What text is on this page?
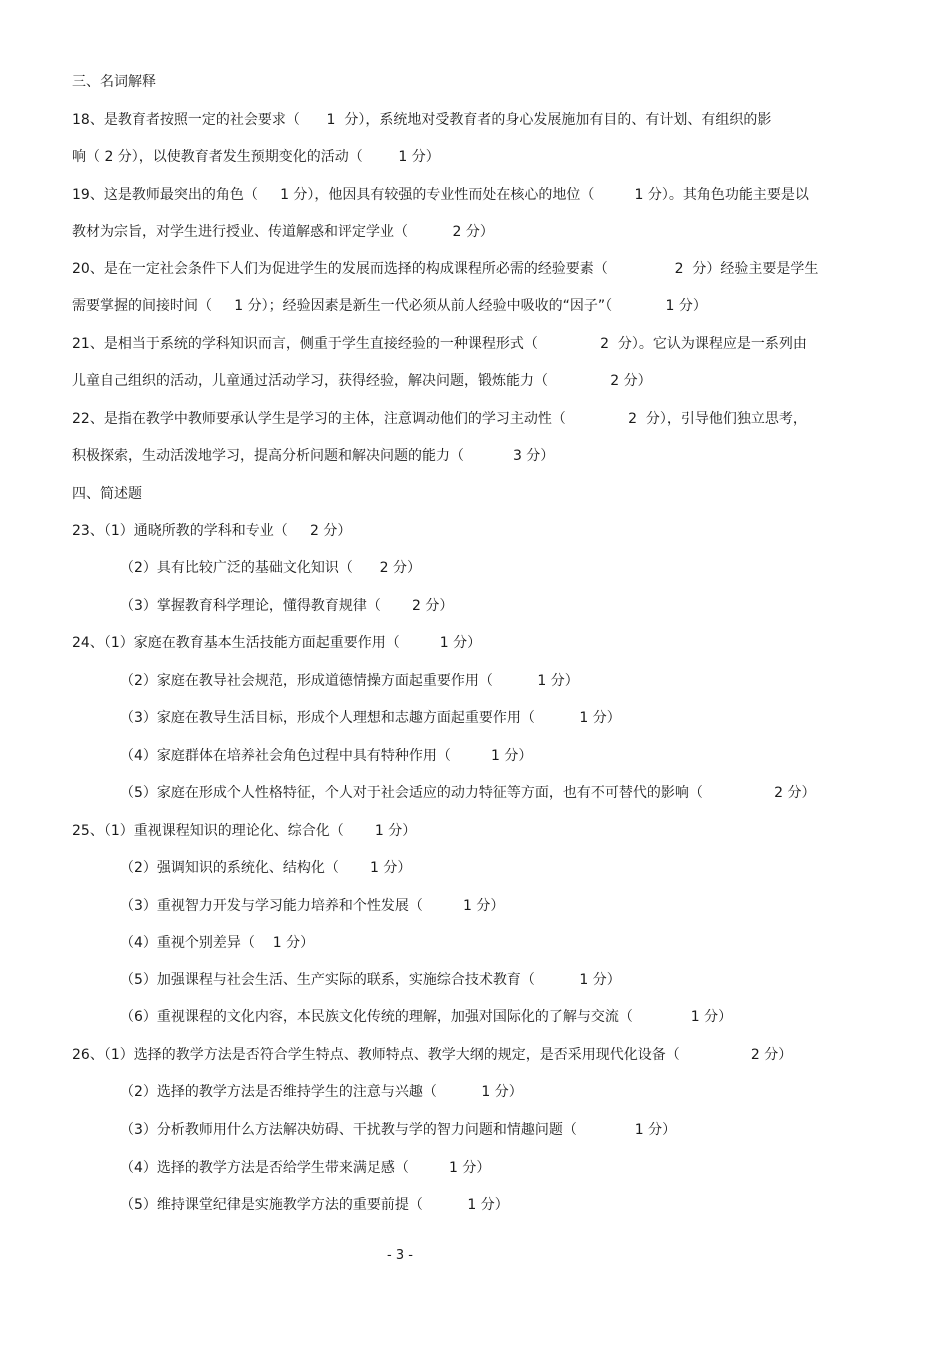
三、名词解释
18、是教育者按照一定的社会要求（      1  分），系统地对受教育者的身心发展施加有目的、有计划、有组织的影
响（ 2 分），以使教育者发生预期变化的活动（        1 分）
19、这是教师最突出的角色（     1 分），他因具有较强的专业性而处在核心的地位（         1 分）。其角色功能主要是以
教材为宗旨，对学生进行授业、传道解惑和评定学业（          2 分）
20、是在一定社会条件下人们为促进学生的发展而选择的构成课程所必需的经验要素（               2  分）经验主要是学生
需要掌握的间接时间（     1 分）；经验因素是新生一代必须从前人经验中吸收的“因子”（            1 分）
21、是相当于系统的学科知识而言，侧重于学生直接经验的一种课程形式（              2  分）。它认为课程应是一系列由
儿童自己组织的活动，儿童通过活动学习，获得经验，解决问题，锻炼能力（              2 分）
22、是指在教学中教师要承认学生是学习的主体，注意调动他们的学习主动性（              2  分），引导他们独立思考，
积极探索，生动活泼地学习，提高分析问题和解决问题的能力（           3 分）
四、简述题
23、（1）通晓所教的学科和专业（     2 分）
（2）具有比较广泛的基础文化知识（      2 分）
（3）掌握教育科学理论，懂得教育规律（       2 分）
24、（1）家庭在教育基本生活技能方面起重要作用（         1 分）
（2）家庭在教导社会规范，形成道德情操方面起重要作用（          1 分）
（3）家庭在教导生活目标，形成个人理想和志趣方面起重要作用（          1 分）
（4）家庭群体在培养社会角色过程中具有特种作用（         1 分）
（5）家庭在形成个人性格特征，个人对于社会适应的动力特征等方面，也有不可替代的影响（                2 分）
25、（1）重视课程知识的理论化、综合化（       1 分）
（2）强调知识的系统化、结构化（       1 分）
（3）重视智力开发与学习能力培养和个性发展（         1 分）
（4）重视个别差异（    1 分）
（5）加强课程与社会生活、生产实际的联系，实施综合技术教育（          1 分）
（6）重视课程的文化内容，本民族文化传统的理解，加强对国际化的了解与交流（             1 分）
26、（1）选择的教学方法是否符合学生特点、教师特点、教学大纲的规定，是否采用现代化设备（                2 分）
（2）选择的教学方法是否维持学生的注意与兴趣（          1 分）
（3）分析教师用什么方法解决妨碍、干扰教与学的智力问题和情趣问题（             1 分）
（4）选择的教学方法是否给学生带来满足感（         1 分）
（5）维持课堂纪律是实施教学方法的重要前提（          1 分）
- 3 -
